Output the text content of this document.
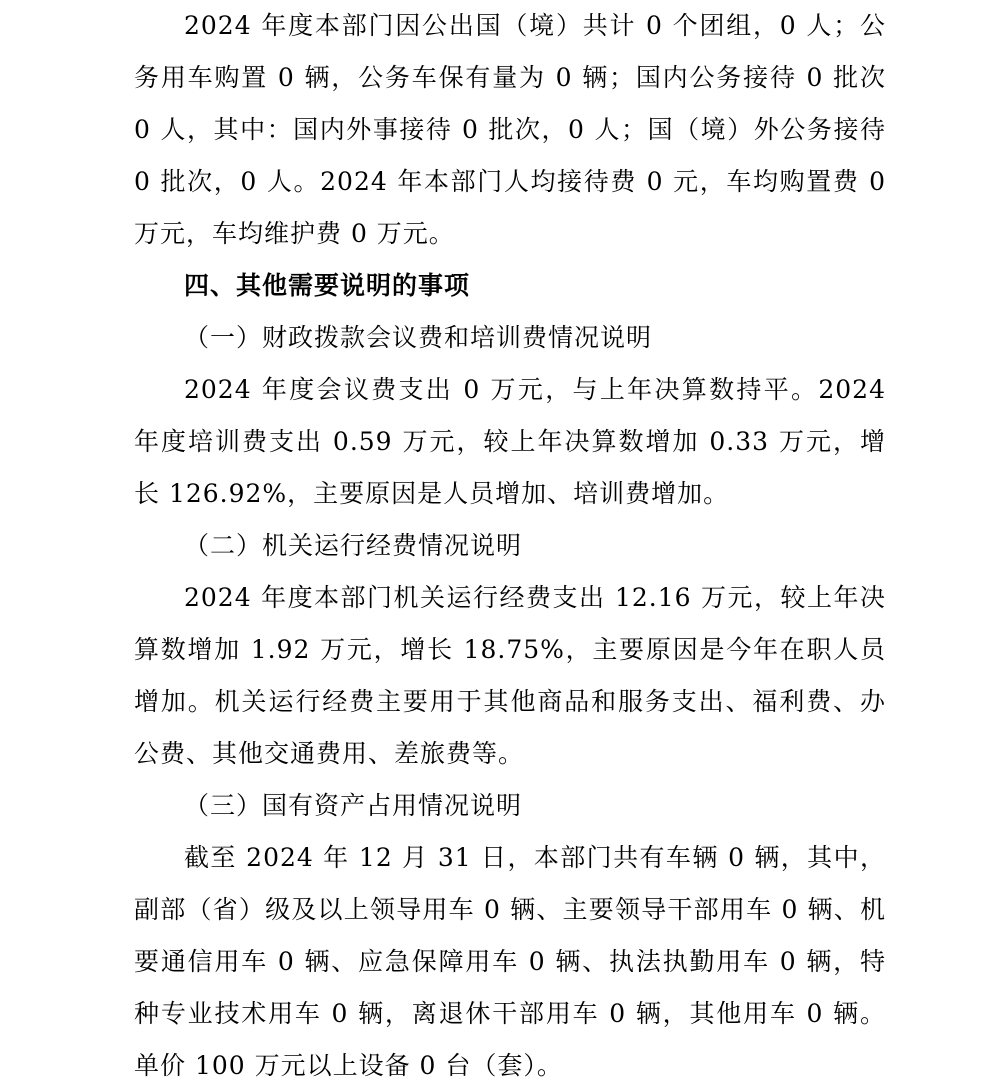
2024 年度本部门因公出国（境）共计 0 个团组，0 人；公务用车购置 0 辆，公务车保有量为 0 辆；国内公务接待 0 批次 0 人，其中：国内外事接待 0 批次，0 人；国（境）外公务接待 0 批次，0 人。2024 年本部门人均接待费 0 元，车均购置费 0 万元，车均维护费 0 万元。

四、其他需要说明的事项

（一）财政拨款会议费和培训费情况说明

2024 年度会议费支出 0 万元，与上年决算数持平。2024 年度培训费支出 0.59 万元，较上年决算数增加 0.33 万元，增长 126.92%，主要原因是人员增加、培训费增加。

（二）机关运行经费情况说明

2024 年度本部门机关运行经费支出 12.16 万元，较上年决算数增加 1.92 万元，增长 18.75%，主要原因是今年在职人员增加。机关运行经费主要用于其他商品和服务支出、福利费、办公费、其他交通费用、差旅费等。

（三）国有资产占用情况说明

截至 2024 年 12 月 31 日，本部门共有车辆 0 辆，其中，副部（省）级及以上领导用车 0 辆、主要领导干部用车 0 辆、机要通信用车 0 辆、应急保障用车 0 辆、执法执勤用车 0 辆，特种专业技术用车 0 辆，离退休干部用车 0 辆，其他用车 0 辆。单价 100 万元以上设备 0 台（套）。
